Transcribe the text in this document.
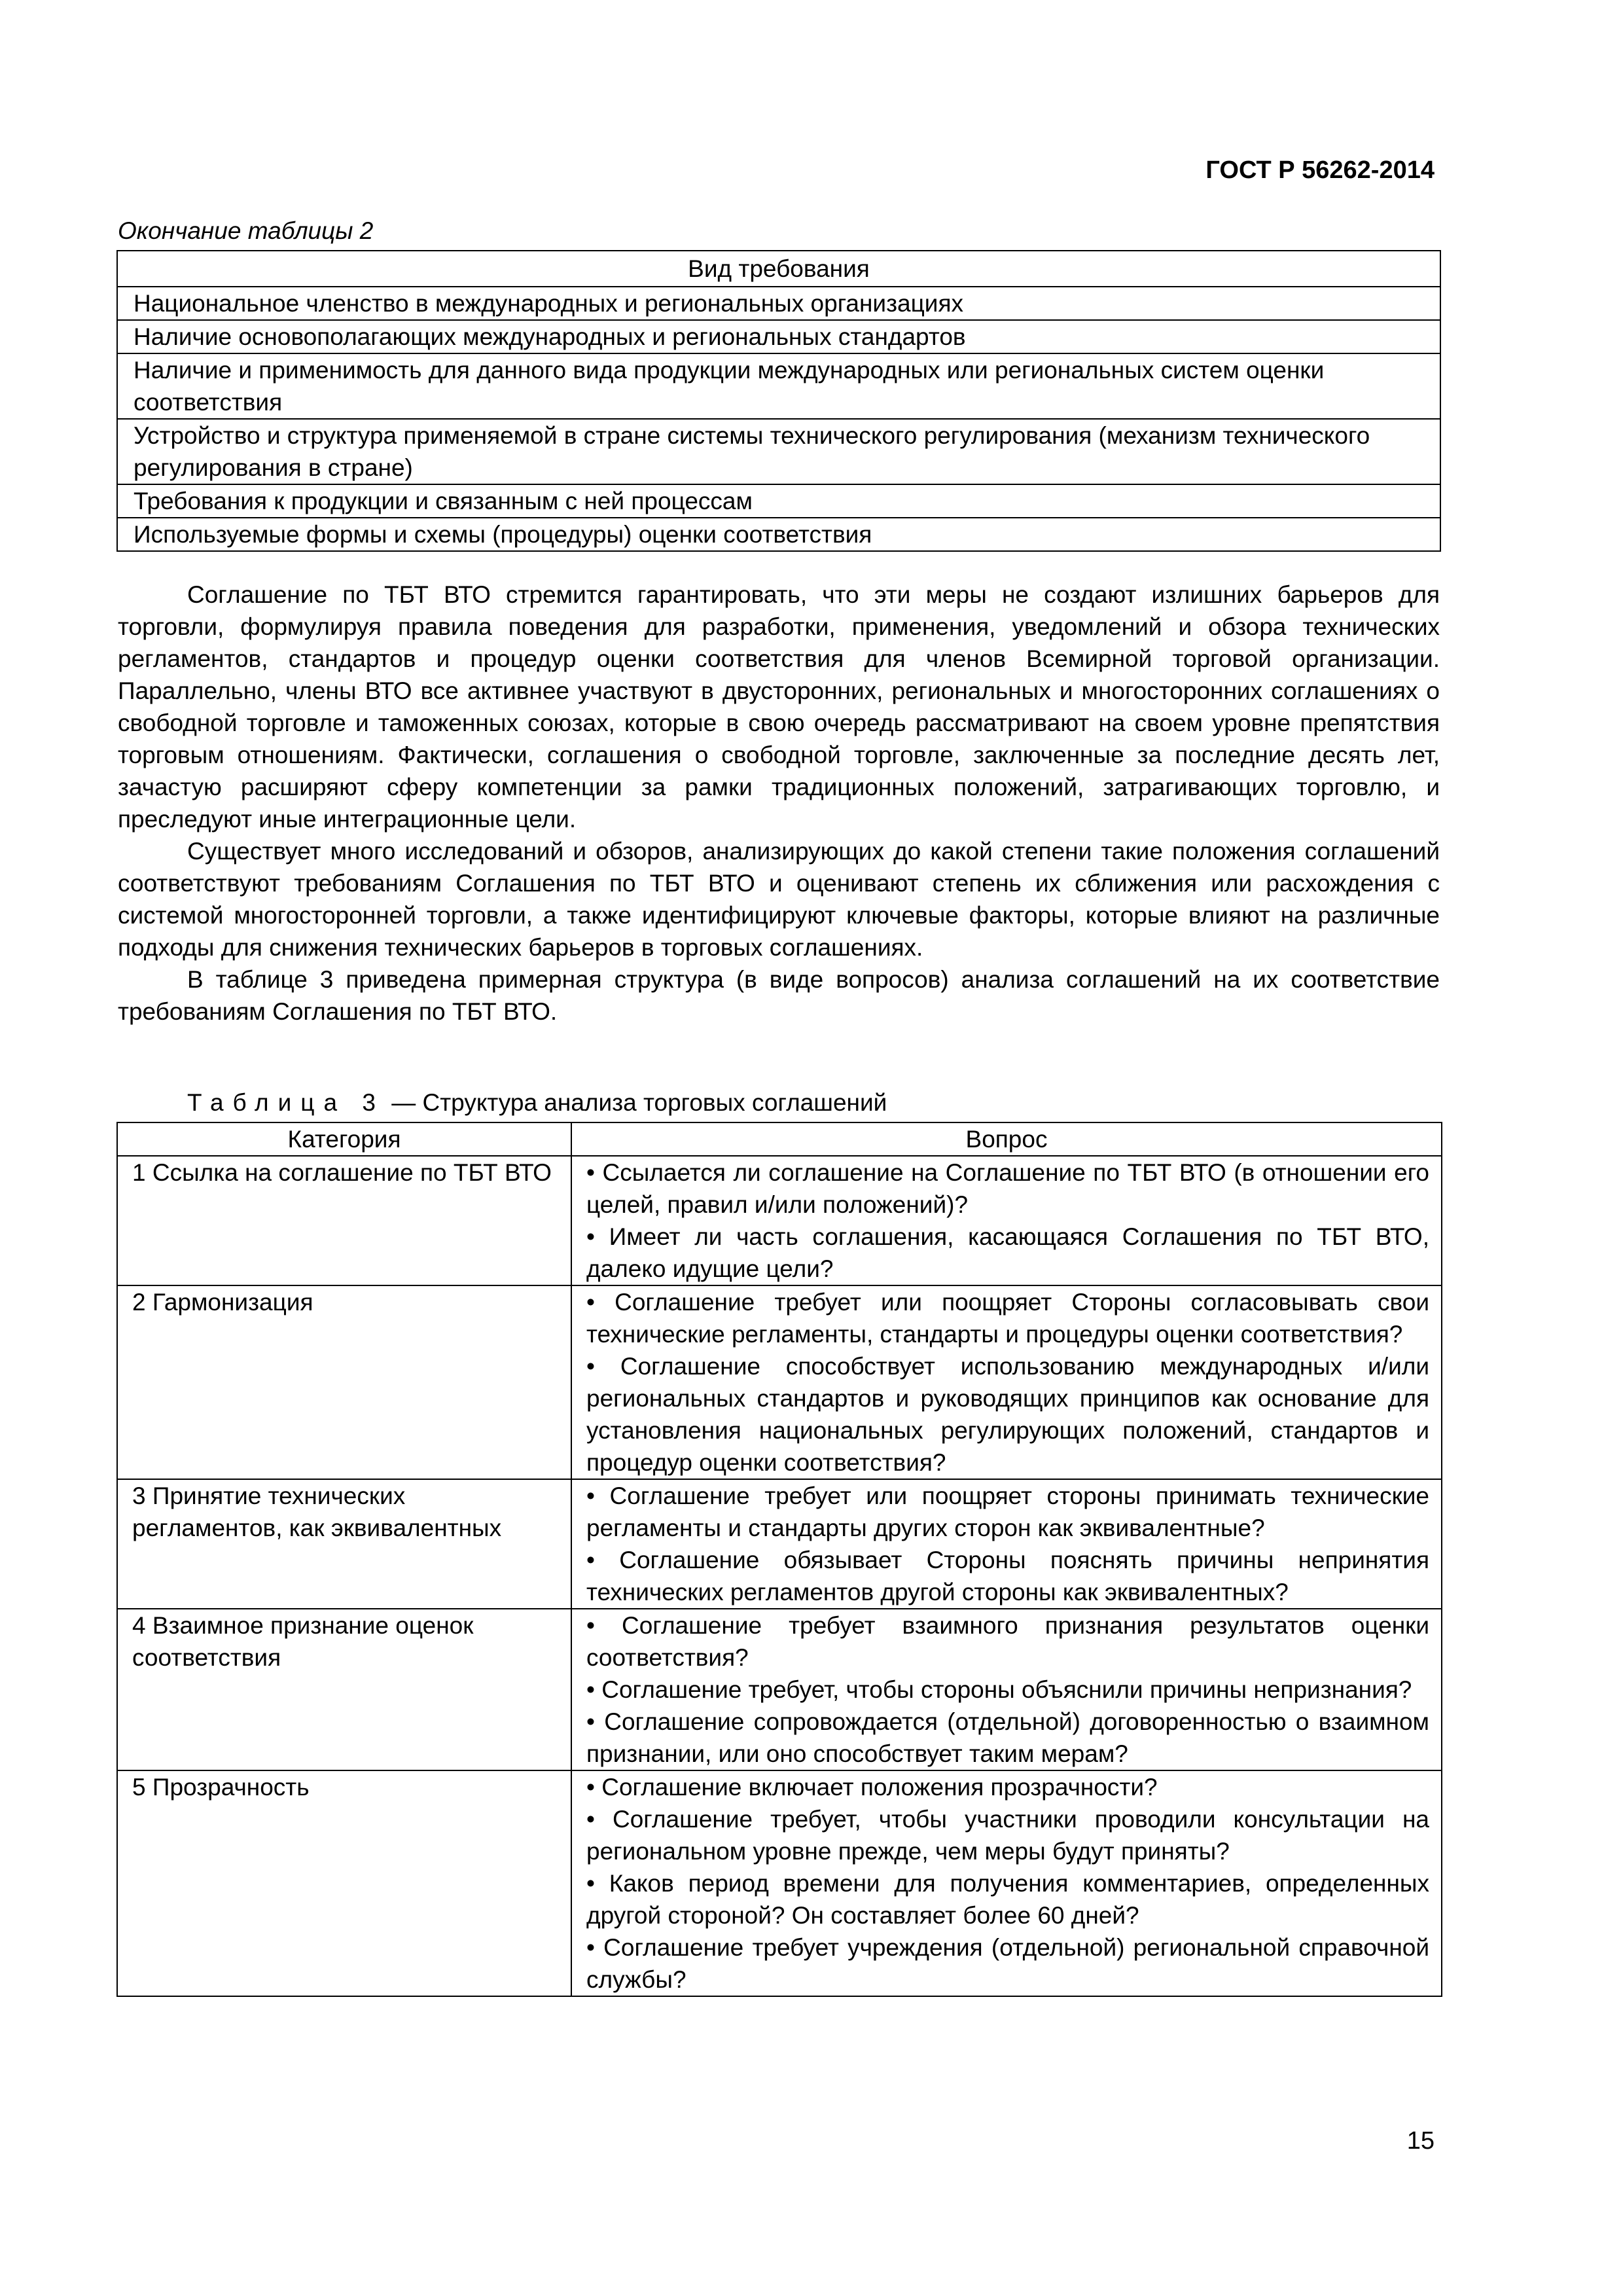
ГОСТ Р 56262-2014

Окончание таблицы 2

Вид требования
Национальное членство в международных и региональных организациях
Наличие основополагающих международных и региональных стандартов
Наличие и применимость для данного вида продукции международных или региональных систем оценки соответствия
Устройство и структура применяемой в стране системы технического регулирования (механизм технического регулирования в стране)
Требования к продукции и связанным с ней процессам
Используемые формы и схемы (процедуры) оценки соответствия

Соглашение по ТБТ ВТО стремится гарантировать, что эти меры не создают излишних барьеров для торговли, формулируя правила поведения для разработки, применения, уведомлений и обзора технических регламентов, стандартов и процедур оценки соответствия для членов Всемирной торговой организации. Параллельно, члены ВТО все активнее участвуют в двусторонних, региональных и многосторонних соглашениях о свободной торговле и таможенных союзах, которые в свою очередь рассматривают на своем уровне препятствия торговым отношениям. Фактически, соглашения о свободной торговле, заключенные за последние десять лет, зачастую расширяют сферу компетенции за рамки традиционных положений, затрагивающих торговлю, и преследуют иные интеграционные цели.

Существует много исследований и обзоров, анализирующих до какой степени такие положения соглашений соответствуют требованиям Соглашения по ТБТ ВТО и оценивают степень их сближения или расхождения с системой многосторонней торговли, а также идентифицируют ключевые факторы, которые влияют на различные подходы для снижения технических барьеров в торговых соглашениях.

В таблице 3 приведена примерная структура (в виде вопросов) анализа соглашений на их соответствие требованиям Соглашения по ТБТ ВТО.

Таблица 3 — Структура анализа торговых соглашений

Категория	Вопрос
1 Ссылка на соглашение по ТБТ ВТО	• Ссылается ли соглашение на Соглашение по ТБТ ВТО (в отношении его целей, правил и/или положений)?
• Имеет ли часть соглашения, касающаяся Соглашения по ТБТ ВТО, далеко идущие цели?

2 Гармонизация	• Соглашение требует или поощряет Стороны согласовывать свои технические регламенты, стандарты и процедуры оценки соответствия?
• Соглашение способствует использованию международных и/или региональных стандартов и руководящих принципов как основание для установления национальных регулирующих положений, стандартов и процедур оценки соответствия?

3 Принятие технических регламентов, как эквивалентных	• Соглашение требует или поощряет стороны принимать технические регламенты и стандарты других сторон как эквивалентные?
• Соглашение обязывает Стороны пояснять причины непринятия технических регламентов другой стороны как эквивалентных?

4 Взаимное признание оценок соответствия	• Соглашение требует взаимного признания результатов оценки соответствия?
• Соглашение требует, чтобы стороны объяснили причины непризнания?
• Соглашение сопровождается (отдельной) договоренностью о взаимном признании, или оно способствует таким мерам?

5 Прозрачность	• Соглашение включает положения прозрачности?
• Соглашение требует, чтобы участники проводили консультации на региональном уровне прежде, чем меры будут приняты?
• Каков период времени для получения комментариев, определенных другой стороной? Он составляет более 60 дней?
• Соглашение требует учреждения (отдельной) региональной справочной службы?

15
